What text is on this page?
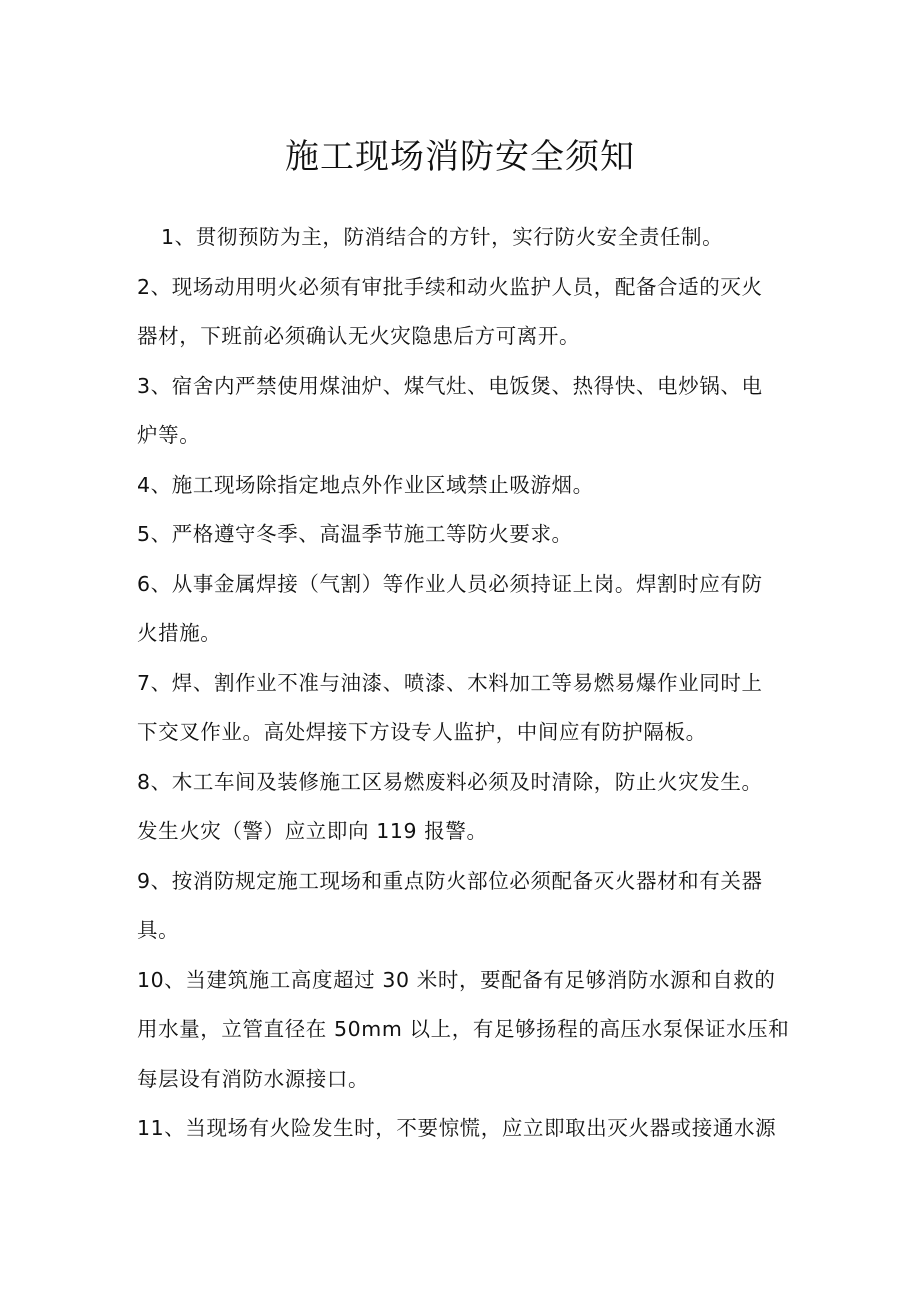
施工现场消防安全须知
1、贯彻预防为主，防消结合的方针，实行防火安全责任制。
2、现场动用明火必须有审批手续和动火监护人员，配备合适的灭火
器材，下班前必须确认无火灾隐患后方可离开。
3、宿舍内严禁使用煤油炉、煤气灶、电饭煲、热得快、电炒锅、电
炉等。
4、施工现场除指定地点外作业区域禁止吸游烟。
5、严格遵守冬季、高温季节施工等防火要求。
6、从事金属焊接（气割）等作业人员必须持证上岗。焊割时应有防
火措施。
7、焊、割作业不准与油漆、喷漆、木料加工等易燃易爆作业同时上
下交叉作业。高处焊接下方设专人监护，中间应有防护隔板。
8、木工车间及装修施工区易燃废料必须及时清除，防止火灾发生。
发生火灾（警）应立即向 119 报警。
9、按消防规定施工现场和重点防火部位必须配备灭火器材和有关器
具。
10、当建筑施工高度超过 30 米时，要配备有足够消防水源和自救的
用水量，立管直径在 50mm 以上，有足够扬程的高压水泵保证水压和
每层设有消防水源接口。
11、当现场有火险发生时，不要惊慌，应立即取出灭火器或接通水源
